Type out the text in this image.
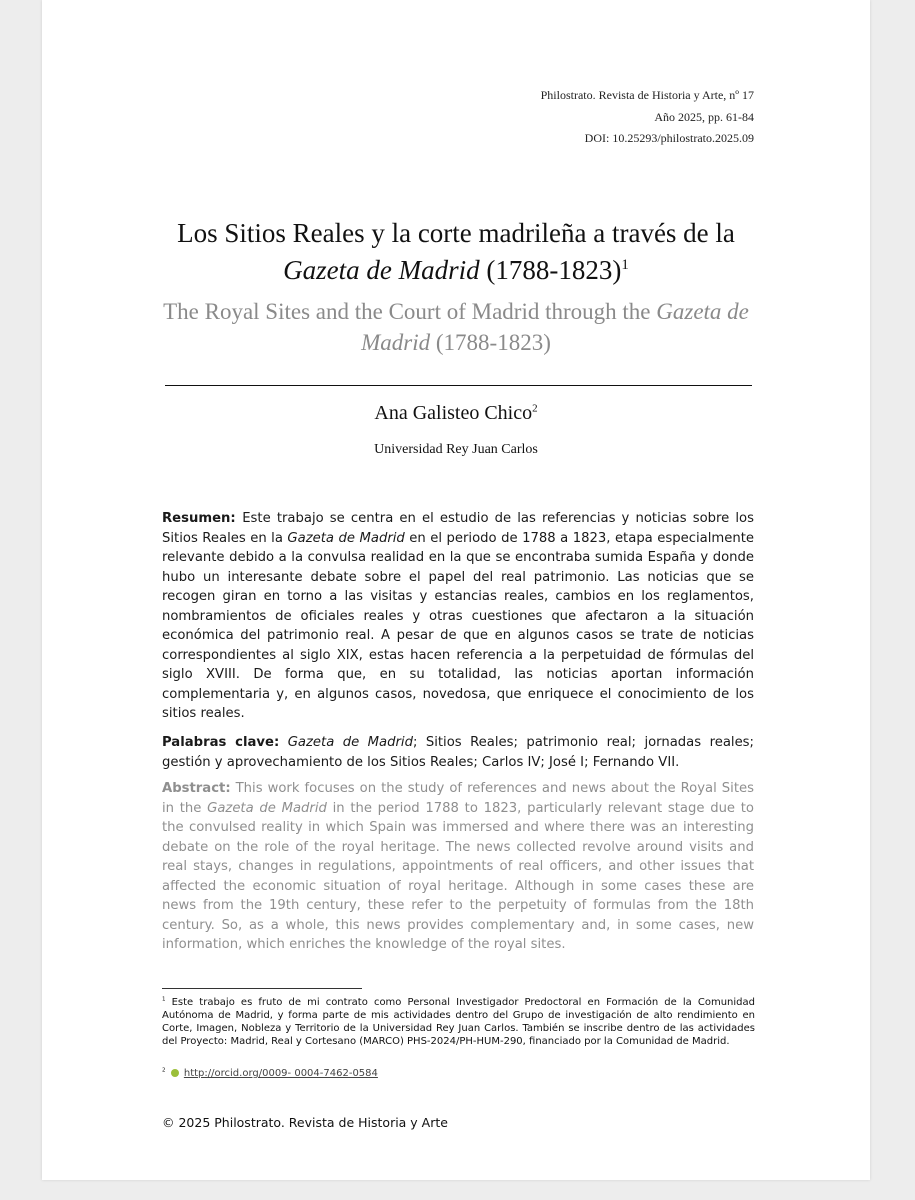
Philostrato. Revista de Historia y Arte, nº 17
Año 2025, pp. 61-84
DOI: 10.25293/philostrato.2025.09
Los Sitios Reales y la corte madrileña a través de la
Gazeta de Madrid (1788-1823)$^1$
The Royal Sites and the Court of Madrid through the Gazeta de Madrid (1788-1823)
Ana Galisteo Chico$^2$
Universidad Rey Juan Carlos

Resumen: Este trabajo se centra en el estudio de las referencias y noticias sobre los Sitios Reales en la Gazeta de Madrid en el periodo de 1788 a 1823, etapa especialmente relevante debido a la convulsa realidad en la que se encontraba sumida España y donde hubo un interesante debate sobre el papel del real patrimonio. Las noticias que se recogen giran en torno a las visitas y estancias reales, cambios en los reglamentos, nombramientos de oficiales reales y otras cuestiones que afectaron a la situación económica del patrimonio real. A pesar de que en algunos casos se trate de noticias correspondientes al siglo XIX, estas hacen referencia a la perpetuidad de fórmulas del siglo XVIII. De forma que, en su totalidad, las noticias aportan información complementaria y, en algunos casos, novedosa, que enriquece el conocimiento de los sitios reales.

Palabras clave: Gazeta de Madrid; Sitios Reales; patrimonio real; jornadas reales; gestión y aprovechamiento de los Sitios Reales; Carlos IV; José I; Fernando VII.

Abstract: This work focuses on the study of references and news about the Royal Sites in the Gazeta de Madrid in the period 1788 to 1823, particularly relevant stage due to the convulsed reality in which Spain was immersed and where there was an interesting debate on the role of the royal heritage. The news collected revolve around visits and real stays, changes in regulations, appointments of real officers, and other issues that affected the economic situation of royal heritage. Although in some cases these are news from the 19th century, these refer to the perpetuity of formulas from the 18th century. So, as a whole, this news provides complementary and, in some cases, new information, which enriches the knowledge of the royal sites.

$^1$ Este trabajo es fruto de mi contrato como Personal Investigador Predoctoral en Formación de la Comunidad Autónoma de Madrid, y forma parte de mis actividades dentro del Grupo de investigación de alto rendimiento en Corte, Imagen, Nobleza y Territorio de la Universidad Rey Juan Carlos. También se inscribe dentro de las actividades del Proyecto: Madrid, Real y Cortesano (MARCO) PHS-2024/PH-HUM-290, financiado por la Comunidad de Madrid.

$^2$ http://orcid.org/0009- 0004-7462-0584

© 2025 Philostrato. Revista de Historia y Arte
